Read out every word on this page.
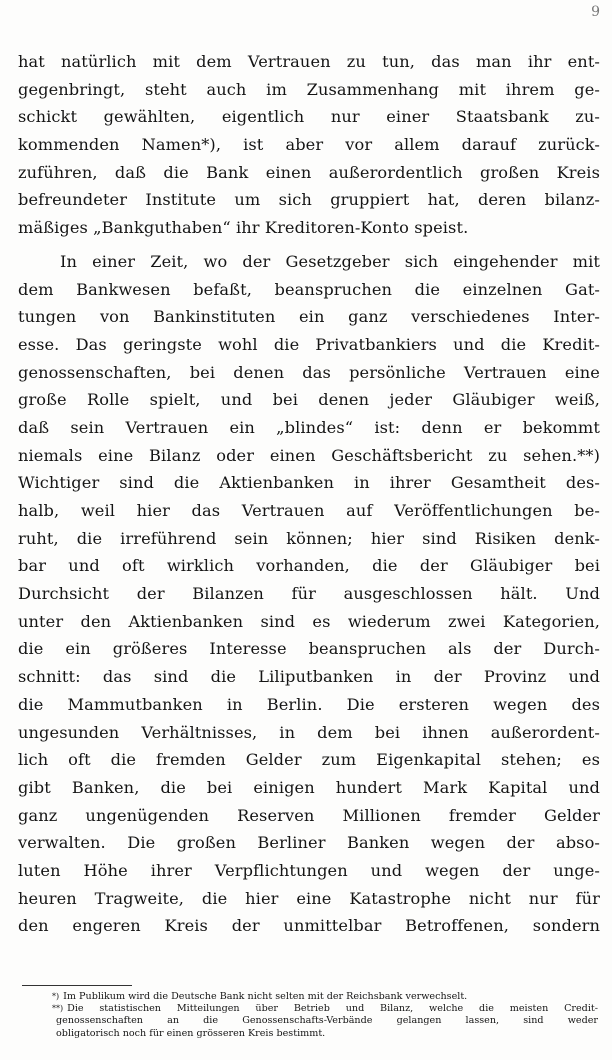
9
hat natürlich mit dem Vertrauen zu tun, das man ihr ent-
gegenbringt, steht auch im Zusammenhang mit ihrem ge-
schickt gewählten, eigentlich nur einer Staatsbank zu-
kommenden Namen*), ist aber vor allem darauf zurück-
zuführen, daß die Bank einen außerordentlich großen Kreis
befreundeter Institute um sich gruppiert hat, deren bilanz-
mäßiges „Bankguthaben“ ihr Kreditoren-Konto speist.
In einer Zeit, wo der Gesetzgeber sich eingehender mit
dem Bankwesen befaßt, beanspruchen die einzelnen Gat-
tungen von Bankinstituten ein ganz verschiedenes Inter-
esse. Das geringste wohl die Privatbankiers und die Kredit-
genossenschaften, bei denen das persönliche Vertrauen eine
große Rolle spielt, und bei denen jeder Gläubiger weiß,
daß sein Vertrauen ein „blindes“ ist: denn er bekommt
niemals eine Bilanz oder einen Geschäftsbericht zu sehen.**)
Wichtiger sind die Aktienbanken in ihrer Gesamtheit des-
halb, weil hier das Vertrauen auf Veröffentlichungen be-
ruht, die irreführend sein können; hier sind Risiken denk-
bar und oft wirklich vorhanden, die der Gläubiger bei
Durchsicht der Bilanzen für ausgeschlossen hält. Und
unter den Aktienbanken sind es wiederum zwei Kategorien,
die ein größeres Interesse beanspruchen als der Durch-
schnitt: das sind die Liliputbanken in der Provinz und
die Mammutbanken in Berlin. Die ersteren wegen des
ungesunden Verhältnisses, in dem bei ihnen außerordent-
lich oft die fremden Gelder zum Eigenkapital stehen; es
gibt Banken, die bei einigen hundert Mark Kapital und
ganz ungenügenden Reserven Millionen fremder Gelder
verwalten. Die großen Berliner Banken wegen der abso-
luten Höhe ihrer Verpflichtungen und wegen der unge-
heuren Tragweite, die hier eine Katastrophe nicht nur für
den engeren Kreis der unmittelbar Betroffenen, sondern
*) Im Publikum wird die Deutsche Bank nicht selten mit der Reichsbank verwechselt.
**) Die statistischen Mitteilungen über Betrieb und Bilanz, welche die meisten Credit-
genossenschaften an die Genossenschafts-Verbände gelangen lassen, sind weder
obligatorisch noch für einen grösseren Kreis bestimmt.
